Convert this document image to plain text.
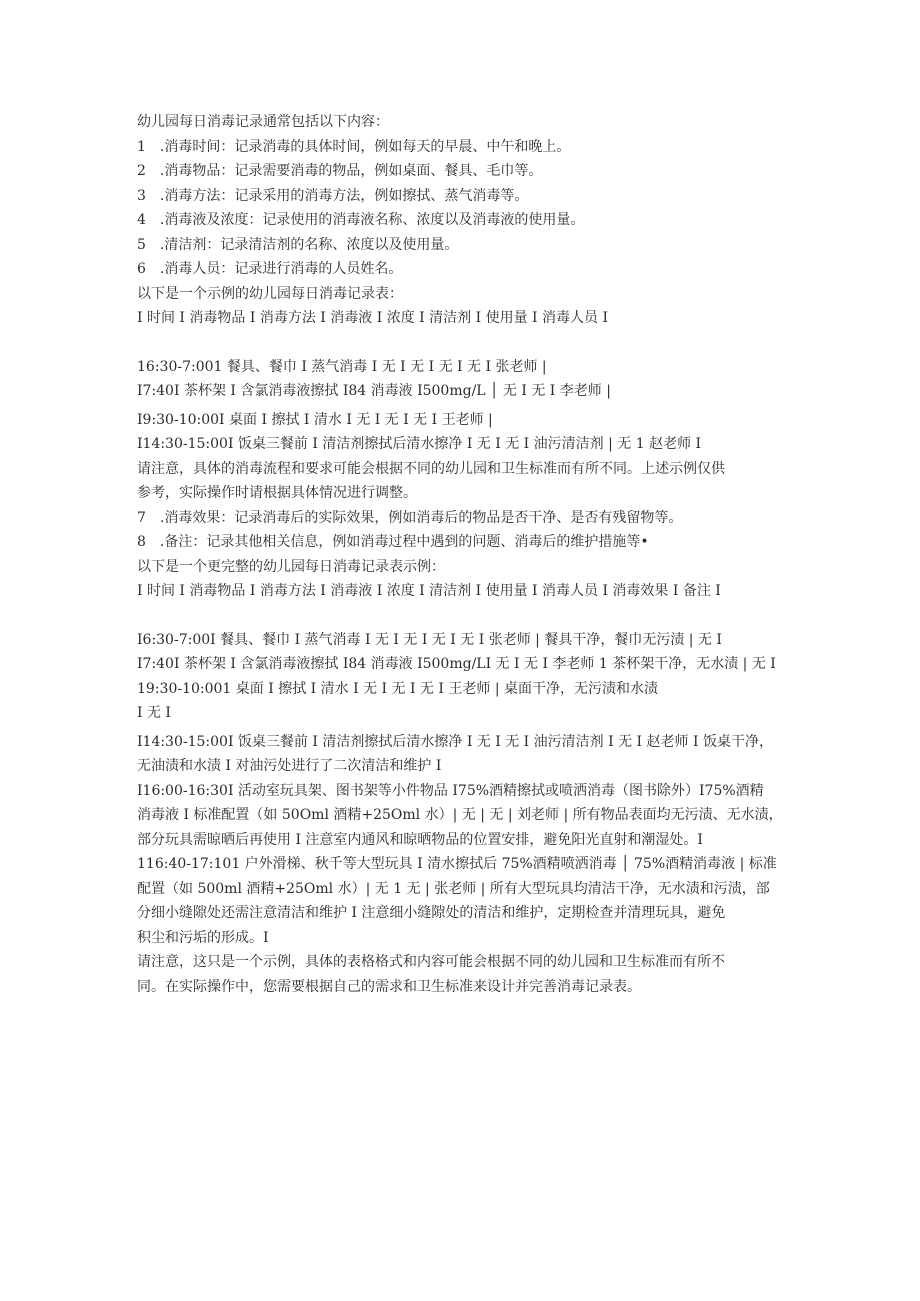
幼儿园每日消毒记录通常包括以下内容：
1　.消毒时间：记录消毒的具体时间，例如每天的早晨、中午和晚上。
2　.消毒物品：记录需要消毒的物品，例如桌面、餐具、毛巾等。
3　.消毒方法：记录采用的消毒方法，例如擦拭、蒸气消毒等。
4　.消毒液及浓度：记录使用的消毒液名称、浓度以及消毒液的使用量。
5　.清洁剂：记录清洁剂的名称、浓度以及使用量。
6　.消毒人员：记录进行消毒的人员姓名。
以下是一个示例的幼儿园每日消毒记录表：
I 时间 I 消毒物品 I 消毒方法 I 消毒液 I 浓度 I 清洁剂 I 使用量 I 消毒人员 I
16:30-7:001 餐具、餐巾 I 蒸气消毒 I 无 I 无 I 无 I 无 I 张老师 |
I7:40I 茶杯架 I 含氯消毒液擦拭 I84 消毒液 I500mg/L │ 无 I 无 I 李老师 |
I9:30-10:00I 桌面 I 擦拭 I 清水 I 无 I 无 I 无 I 王老师 |
I14:30-15:00I 饭桌三餐前 I 清洁剂擦拭后清水擦净 I 无 I 无 I 油污清洁剂 | 无 1 赵老师 I
请注意，具体的消毒流程和要求可能会根据不同的幼儿园和卫生标准而有所不同。上述示例仅供
参考，实际操作时请根据具体情况进行调整。
7　.消毒效果：记录消毒后的实际效果，例如消毒后的物品是否干净、是否有残留物等。
8　.备注：记录其他相关信息，例如消毒过程中遇到的问题、消毒后的维护措施等•
以下是一个更完整的幼儿园每日消毒记录表示例：
I 时间 I 消毒物品 I 消毒方法 I 消毒液 I 浓度 I 清洁剂 I 使用量 I 消毒人员 I 消毒效果 I 备注 I
I6:30-7:00I 餐具、餐巾 I 蒸气消毒 I 无 I 无 I 无 I 无 I 张老师 | 餐具干净，餐巾无污渍 | 无 I
I7:40I 茶杯架 I 含氯消毒液擦拭 I84 消毒液 I500mg/LI 无 I 无 I 李老师 1 茶杯架干净，无水渍 | 无 I
19:30-10:001 桌面 I 擦拭 I 清水 I 无 I 无 I 无 I 王老师 | 桌面干净，无污渍和水渍
I 无 I
I14:30-15:00I 饭桌三餐前 I 清洁剂擦拭后清水擦净 I 无 I 无 I 油污清洁剂 I 无 I 赵老师 I 饭桌干净，
无油渍和水渍 I 对油污处进行了二次清洁和维护 I
I16:00-16:30I 活动室玩具架、图书架等小件物品 I75%酒精擦拭或喷洒消毒（图书除外）I75%酒精
消毒液 I 标准配置（如 50Oml 酒精+25Oml 水）| 无 | 无 | 刘老师 | 所有物品表面均无污渍、无水渍，
部分玩具需晾晒后再使用 I 注意室内通风和晾晒物品的位置安排，避免阳光直射和潮湿处。I
116:40-17:101 户外滑梯、秋千等大型玩具 I 清水擦拭后 75%酒精喷洒消毒 │ 75%酒精消毒液 | 标准
配置（如 500ml 酒精+25Oml 水）| 无 1 无 | 张老师 | 所有大型玩具均清洁干净，无水渍和污渍，部
分细小缝隙处还需注意清洁和维护 I 注意细小缝隙处的清洁和维护，定期检查并清理玩具，避免
积尘和污垢的形成。I
请注意，这只是一个示例，具体的表格格式和内容可能会根据不同的幼儿园和卫生标准而有所不
同。在实际操作中，您需要根据自己的需求和卫生标准来设计并完善消毒记录表。
